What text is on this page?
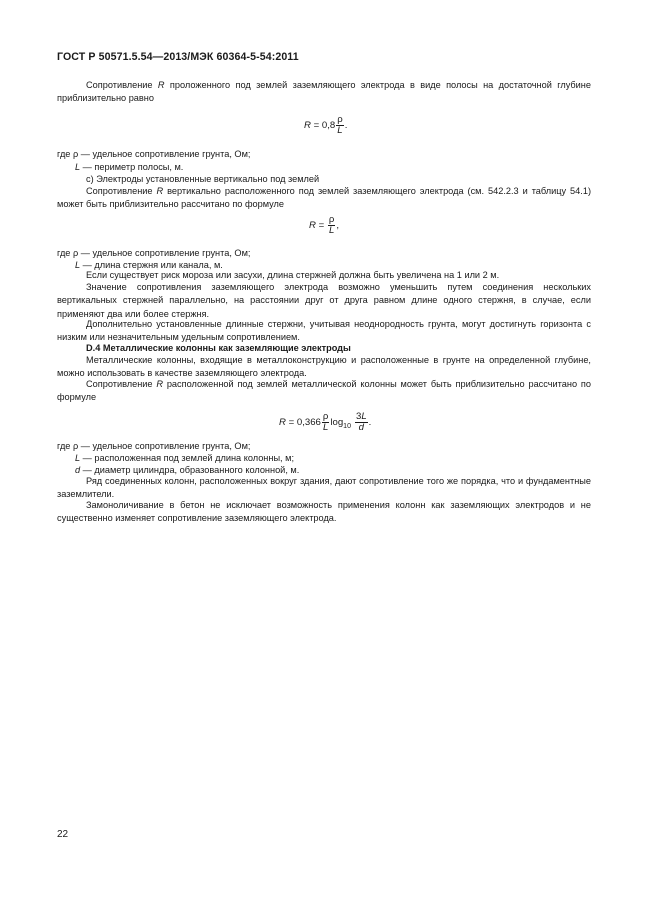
ГОСТ Р 50571.5.54—2013/МЭК 60364-5-54:2011

Сопротивление R проложенного под землей заземляющего электрода в виде полосы на достаточной глубине приблизительно равно

$R = 0,8 \frac{\rho}{L}$ .
где ρ — удельное сопротивление грунта, Ом;
L — периметр полосы, м.
с) Электроды установленные вертикально под землей

Сопротивление R вертикально расположенного под землей заземляющего электрода (см. 542.2.3 и таблицу 54.1) может быть приблизительно рассчитано по формуле

$R = \frac{\rho}{L}$ ,
где ρ — удельное сопротивление грунта, Ом;
L — длина стержня или канала, м.

Если существует риск мороза или засухи, длина стержней должна быть увеличена на 1 или 2 м.

Значение сопротивления заземляющего электрода возможно уменьшить путем соединения нескольких вертикальных стержней параллельно, на расстоянии друг от друга равном длине одного стержня, в случае, если применяют два или более стержня.

Дополнительно установленные длинные стержни, учитывая неоднородность грунта, могут достигнуть горизонта с низким или незначительным удельным сопротивлением.

D.4 Металлические колонны как заземляющие электроды

Металлические колонны, входящие в металлоконструкцию и расположенные в грунте на определенной глубине, можно использовать в качестве заземляющего электрода.

Сопротивление R расположенной под землей металлической колонны может быть приблизительно рассчитано по формуле

$R = 0,366 \frac{\rho}{L} \log_{10} \frac{3L}{d}$ .
где ρ — удельное сопротивление грунта, Ом;
L — расположенная под землей длина колонны, м;
d — диаметр цилиндра, образованного колонной, м.

Ряд соединенных колонн, расположенных вокруг здания, дают сопротивление того же порядка, что и фундаментные заземлители.

Замоноличивание в бетон не исключает возможность применения колонн как заземляющих электродов и не существенно изменяет сопротивление заземляющего электрода.

22
